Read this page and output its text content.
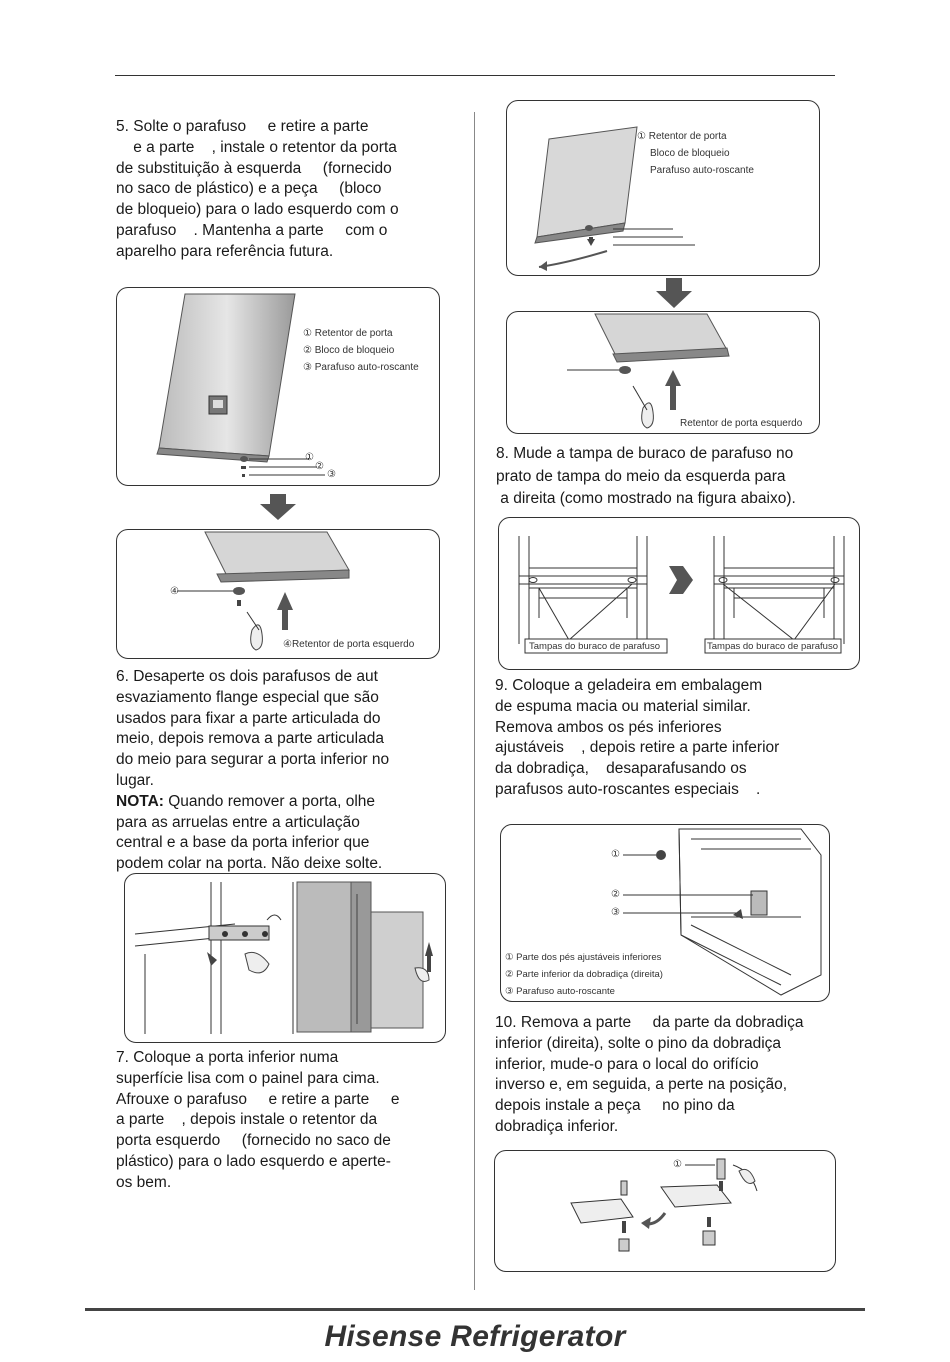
5. Solte o parafuso     e retire a parte
e a parte    , instale o retentor da porta
de substituição à esquerda     (fornecido
no saco de plástico) e a peça     (bloco
de bloqueio) para o lado esquerdo com o
parafuso    . Mantenha a parte     com o
aparelho para referência futura.
① Retentor de porta
② Bloco de bloqueio
③ Parafuso auto-roscante
①
②
③
④
④Retentor de porta esquerdo
6. Desaperte os dois parafusos de aut
esvaziamento flange especial que são
usados para fixar a parte articulada do
meio, depois remova a parte articulada
do meio para segurar a porta inferior no
lugar.
NOTA: Quando remover a porta, olhe
para as arruelas entre a articulação
central e a base da porta inferior que
podem colar na porta. Não deixe solte.
7. Coloque a porta inferior numa
superfície lisa com o painel para cima.
Afrouxe o parafuso     e retire a parte     e
a parte    , depois instale o retentor da
porta esquerdo     (fornecido no saco de
plástico) para o lado esquerdo e aperte-
os bem.
① Retentor de porta
Bloco de bloqueio
Parafuso auto-roscante
Retentor de porta esquerdo
8. Mude a tampa de buraco de parafuso no
prato de tampa do meio da esquerda para
a direita (como mostrado na figura abaixo).
Tampas do buraco de parafuso	Tampas do buraco de parafuso
9. Coloque a geladeira em embalagem
de espuma macia ou material similar.
Remova ambos os pés inferiores
ajustáveis    , depois retire a parte inferior
da dobradiça,    desaparafusando os
parafusos auto-roscantes especiais    .
①
②
③
① Parte dos pés ajustáveis inferiores
② Parte inferior da dobradiça (direita)
③ Parafuso auto-roscante
10. Remova a parte     da parte da dobradiça
inferior (direita), solte o pino da dobradiça
inferior, mude-o para o local do orifício
inverso e, em seguida, a perte na posição,
depois instale a peça     no pino da
dobradiça inferior.
①
Hisense Refrigerator
